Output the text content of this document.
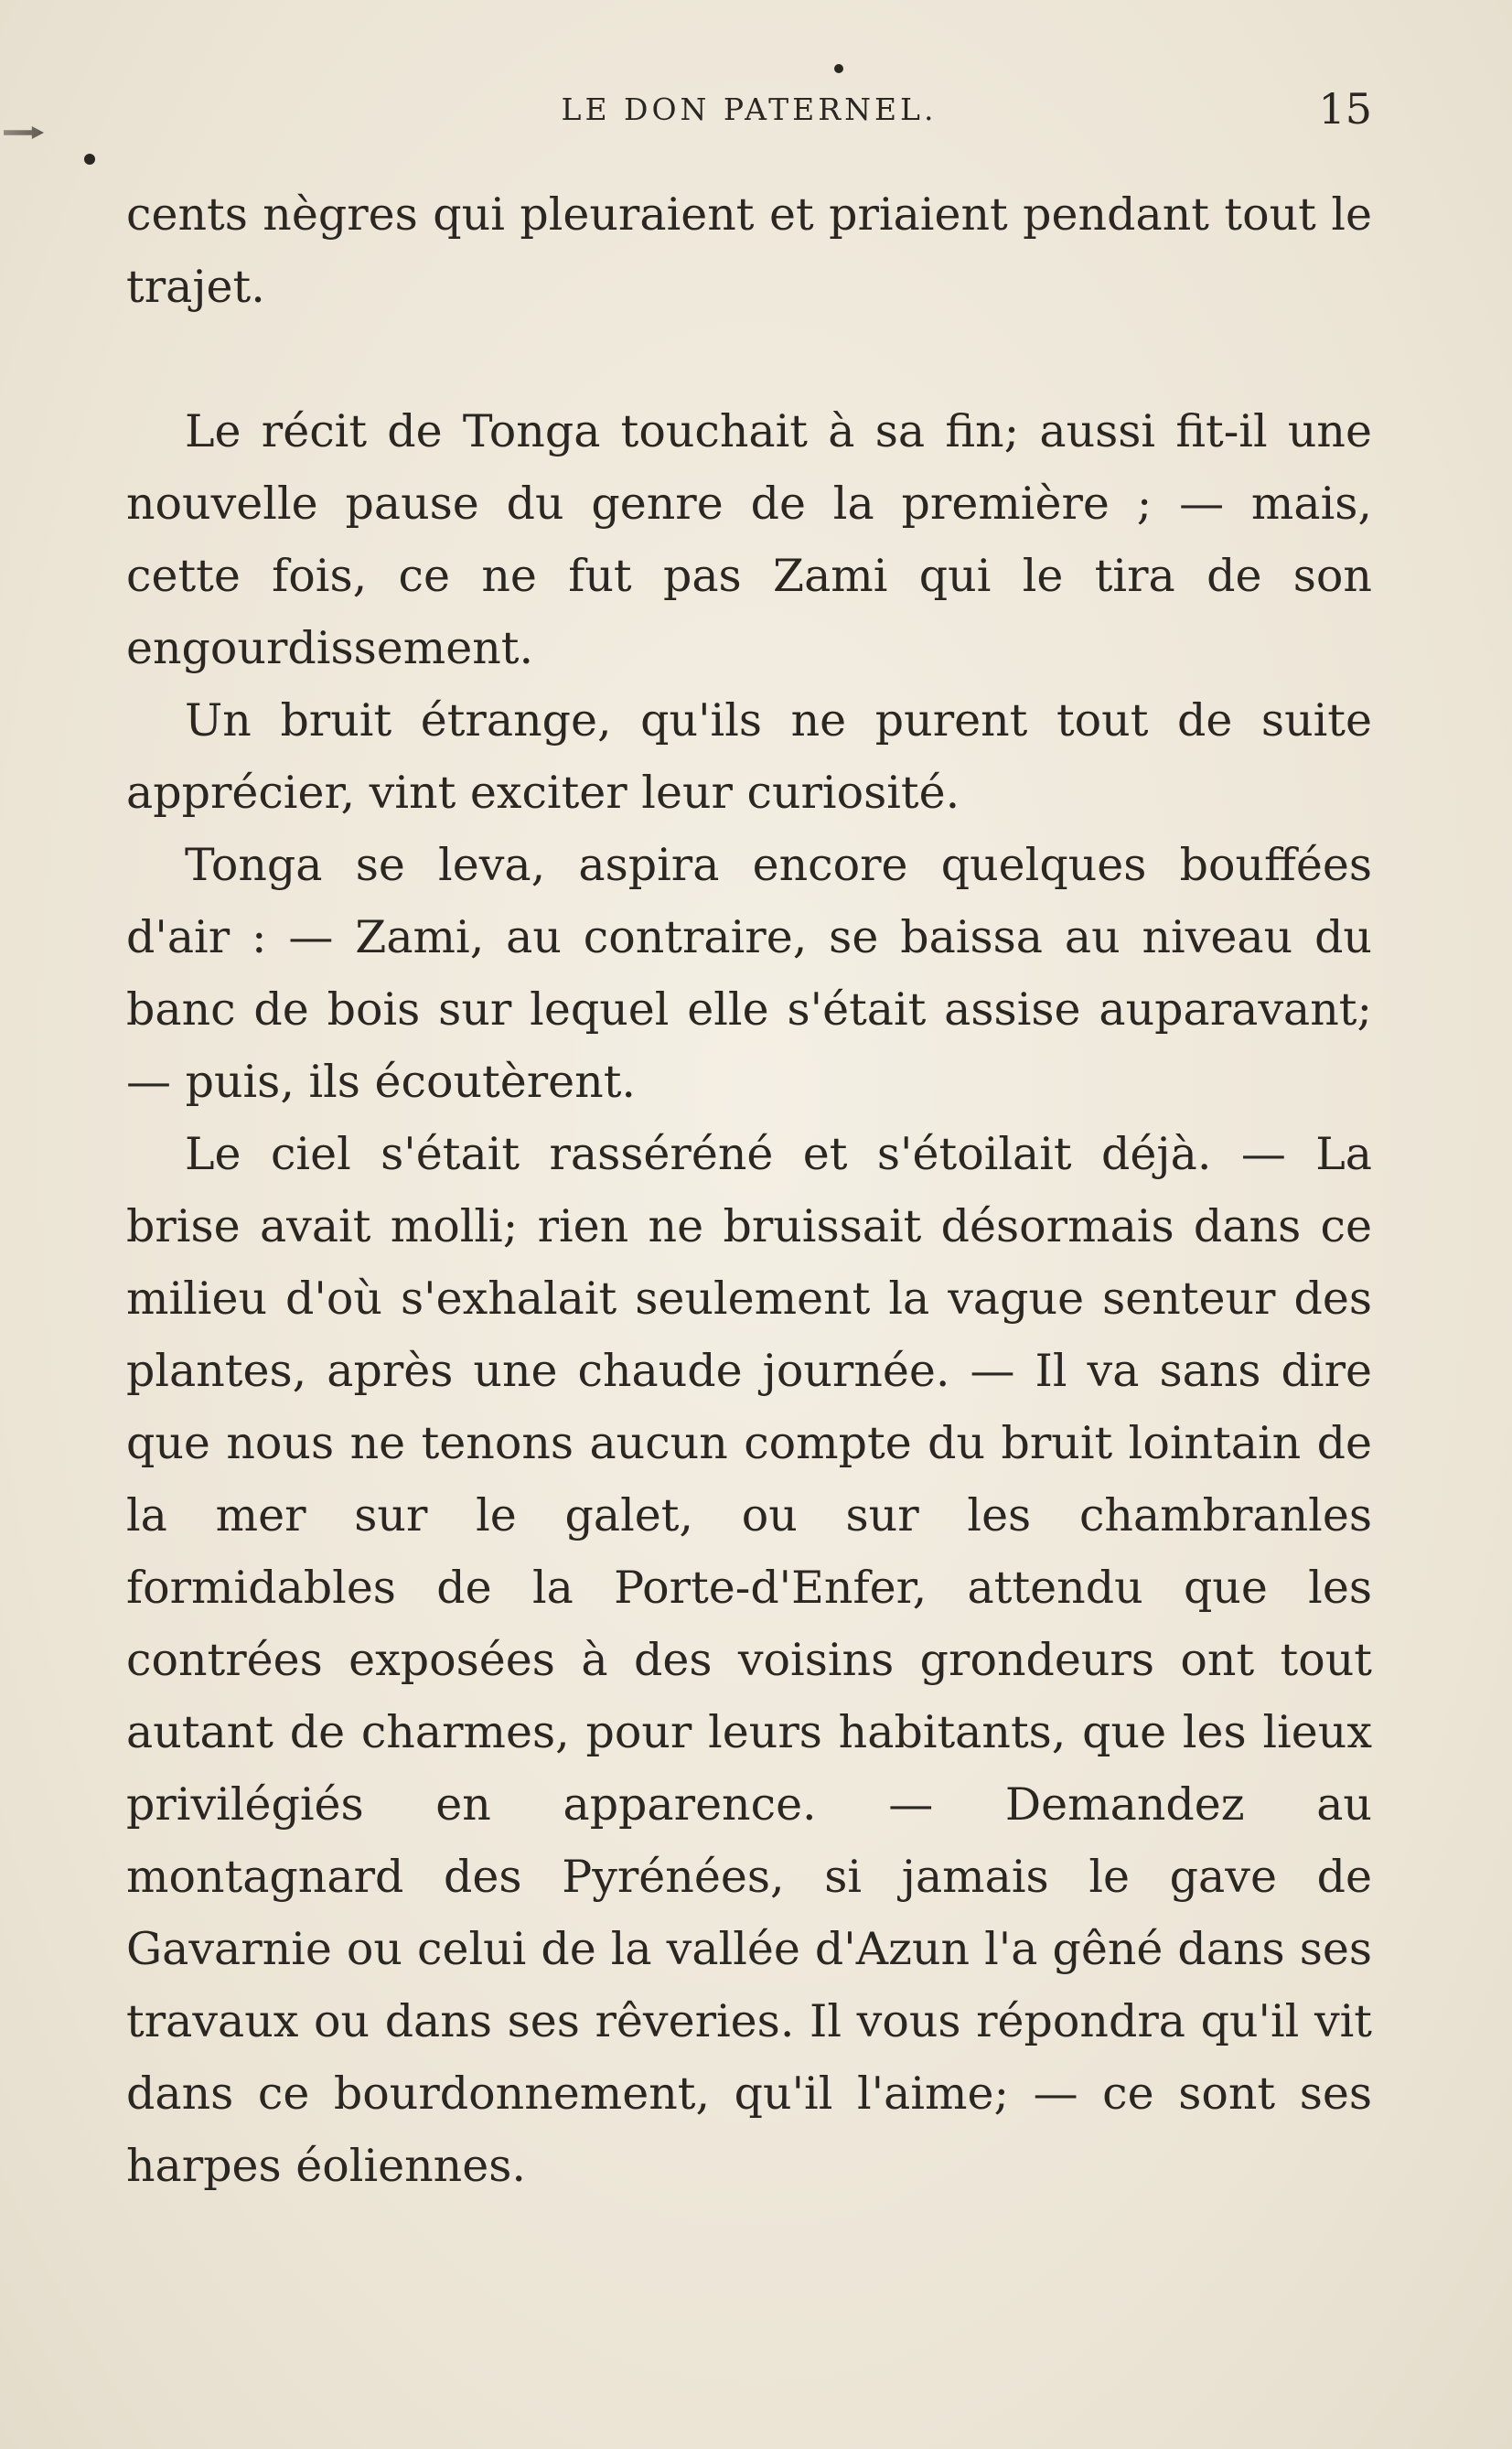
LE DON PATERNEL.	15

cents nègres qui pleuraient et priaient pendant tout le trajet.

Le récit de Tonga touchait à sa fin; aussi fit-il une nouvelle pause du genre de la première ; — mais, cette fois, ce ne fut pas Zami qui le tira de son engourdissement.

Un bruit étrange, qu'ils ne purent tout de suite apprécier, vint exciter leur curiosité.

Tonga se leva, aspira encore quelques bouffées d'air : — Zami, au contraire, se baissa au niveau du banc de bois sur lequel elle s'était assise auparavant; — puis, ils écoutèrent.

Le ciel s'était rasséréné et s'étoilait déjà. — La brise avait molli; rien ne bruissait désormais dans ce milieu d'où s'exhalait seulement la vague senteur des plantes, après une chaude journée. — Il va sans dire que nous ne tenons aucun compte du bruit lointain de la mer sur le galet, ou sur les chambranles formidables de la Porte-d'Enfer, attendu que les contrées exposées à des voisins grondeurs ont tout autant de charmes, pour leurs habitants, que les lieux privilégiés en apparence. — Demandez au montagnard des Pyrénées, si jamais le gave de Gavarnie ou celui de la vallée d'Azun l'a gêné dans ses travaux ou dans ses rêveries. Il vous répondra qu'il vit dans ce bourdonnement, qu'il l'aime; — ce sont ses harpes éoliennes.
